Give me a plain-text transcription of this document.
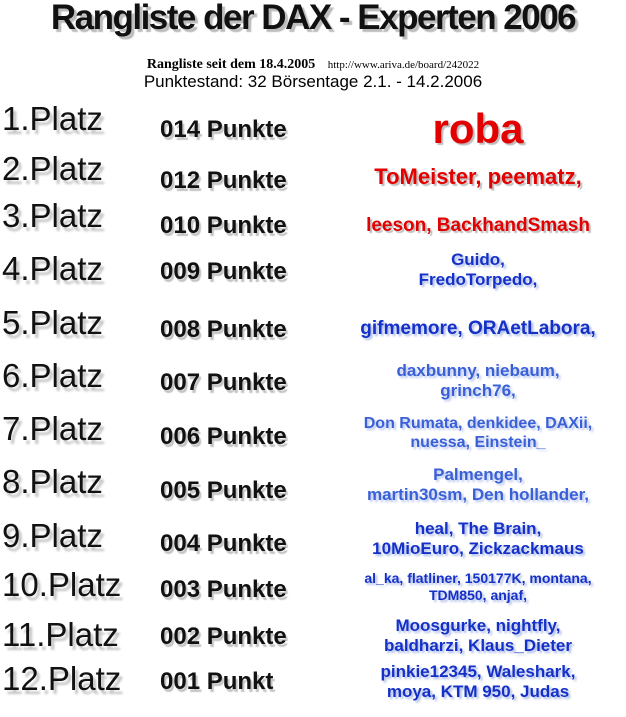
Rangliste der DAX - Experten 2006
Rangliste seit dem 18.4.2005 http://www.ariva.de/board/242022
Punktestand: 32 Börsentage 2.1. - 14.2.2006
1.Platz 014 Punkte	roba
2.Platz 012 Punkte	ToMeister, peematz,
3.Platz 010 Punkte	leeson, BackhandSmash
4.Platz 009 Punkte	Guido,
FredoTorpedo,
5.Platz 008 Punkte	gifmemore, ORAetLabora,
6.Platz 007 Punkte	daxbunny, niebaum,
grinch76,
7.Platz 006 Punkte	Don Rumata, denkidee, DAXii,
nuessa, Einstein_
8.Platz 005 Punkte
Palmengel,
martin30sm, Den hollander,
9.Platz 004 Punkte
heal, The Brain,
10MioEuro, Zickzackmaus
10.Platz 003 Punkte	al_ka, flatliner, 150177K, montana,
TDM850, anjaf,
11.Platz 002 Punkte	Moosgurke, nightfly,
baldharzi, Klaus_Dieter
12.Platz 001 Punkt	pinkie12345, Waleshark,
moya, KTM 950, Judas
